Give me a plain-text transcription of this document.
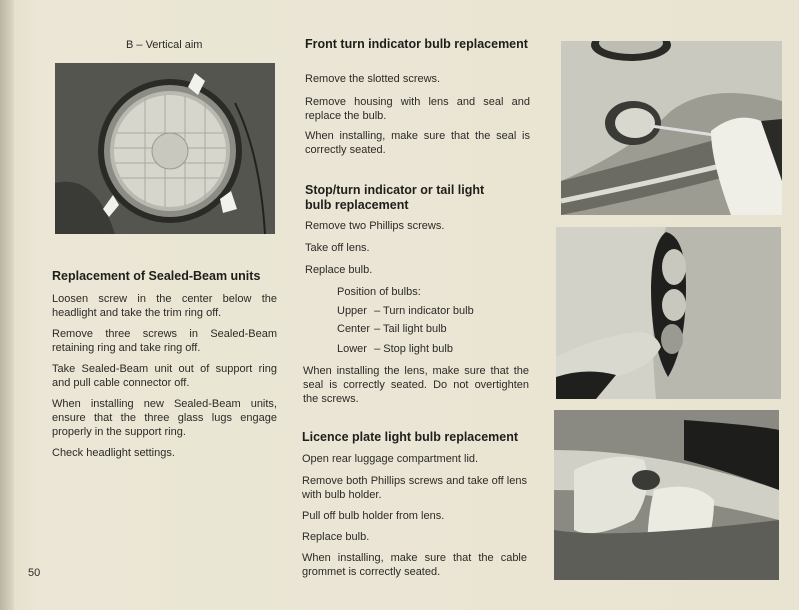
B – Vertical aim
Replacement of Sealed-Beam units
Loosen screw in the center below the headlight and take the trim ring off.
Remove three screws in Sealed-Beam retaining ring and take ring off.
Take Sealed-Beam unit out of support ring and pull cable connector off.
When installing new Sealed-Beam units, ensure that the three glass lugs engage properly in the support ring.
Check headlight settings.
50
Front turn indicator bulb replacement
Remove the slotted screws.
Remove housing with lens and seal and replace the bulb.
When installing, make sure that the seal is correctly seated.
Stop/turn indicator or tail light bulb replacement
Remove two Phillips screws.
Take off lens.
Replace bulb.
Position of bulbs:
Upper – Turn indicator bulb
Center – Tail light bulb
Lower – Stop light bulb
When installing the lens, make sure that the seal is correctly seated. Do not overtighten the screws.
Licence plate light bulb replacement
Open rear luggage compartment lid.
Remove both Phillips screws and take off lens with bulb holder.
Pull off bulb holder from lens.
Replace bulb.
When installing, make sure that the cable grommet is correctly seated.
